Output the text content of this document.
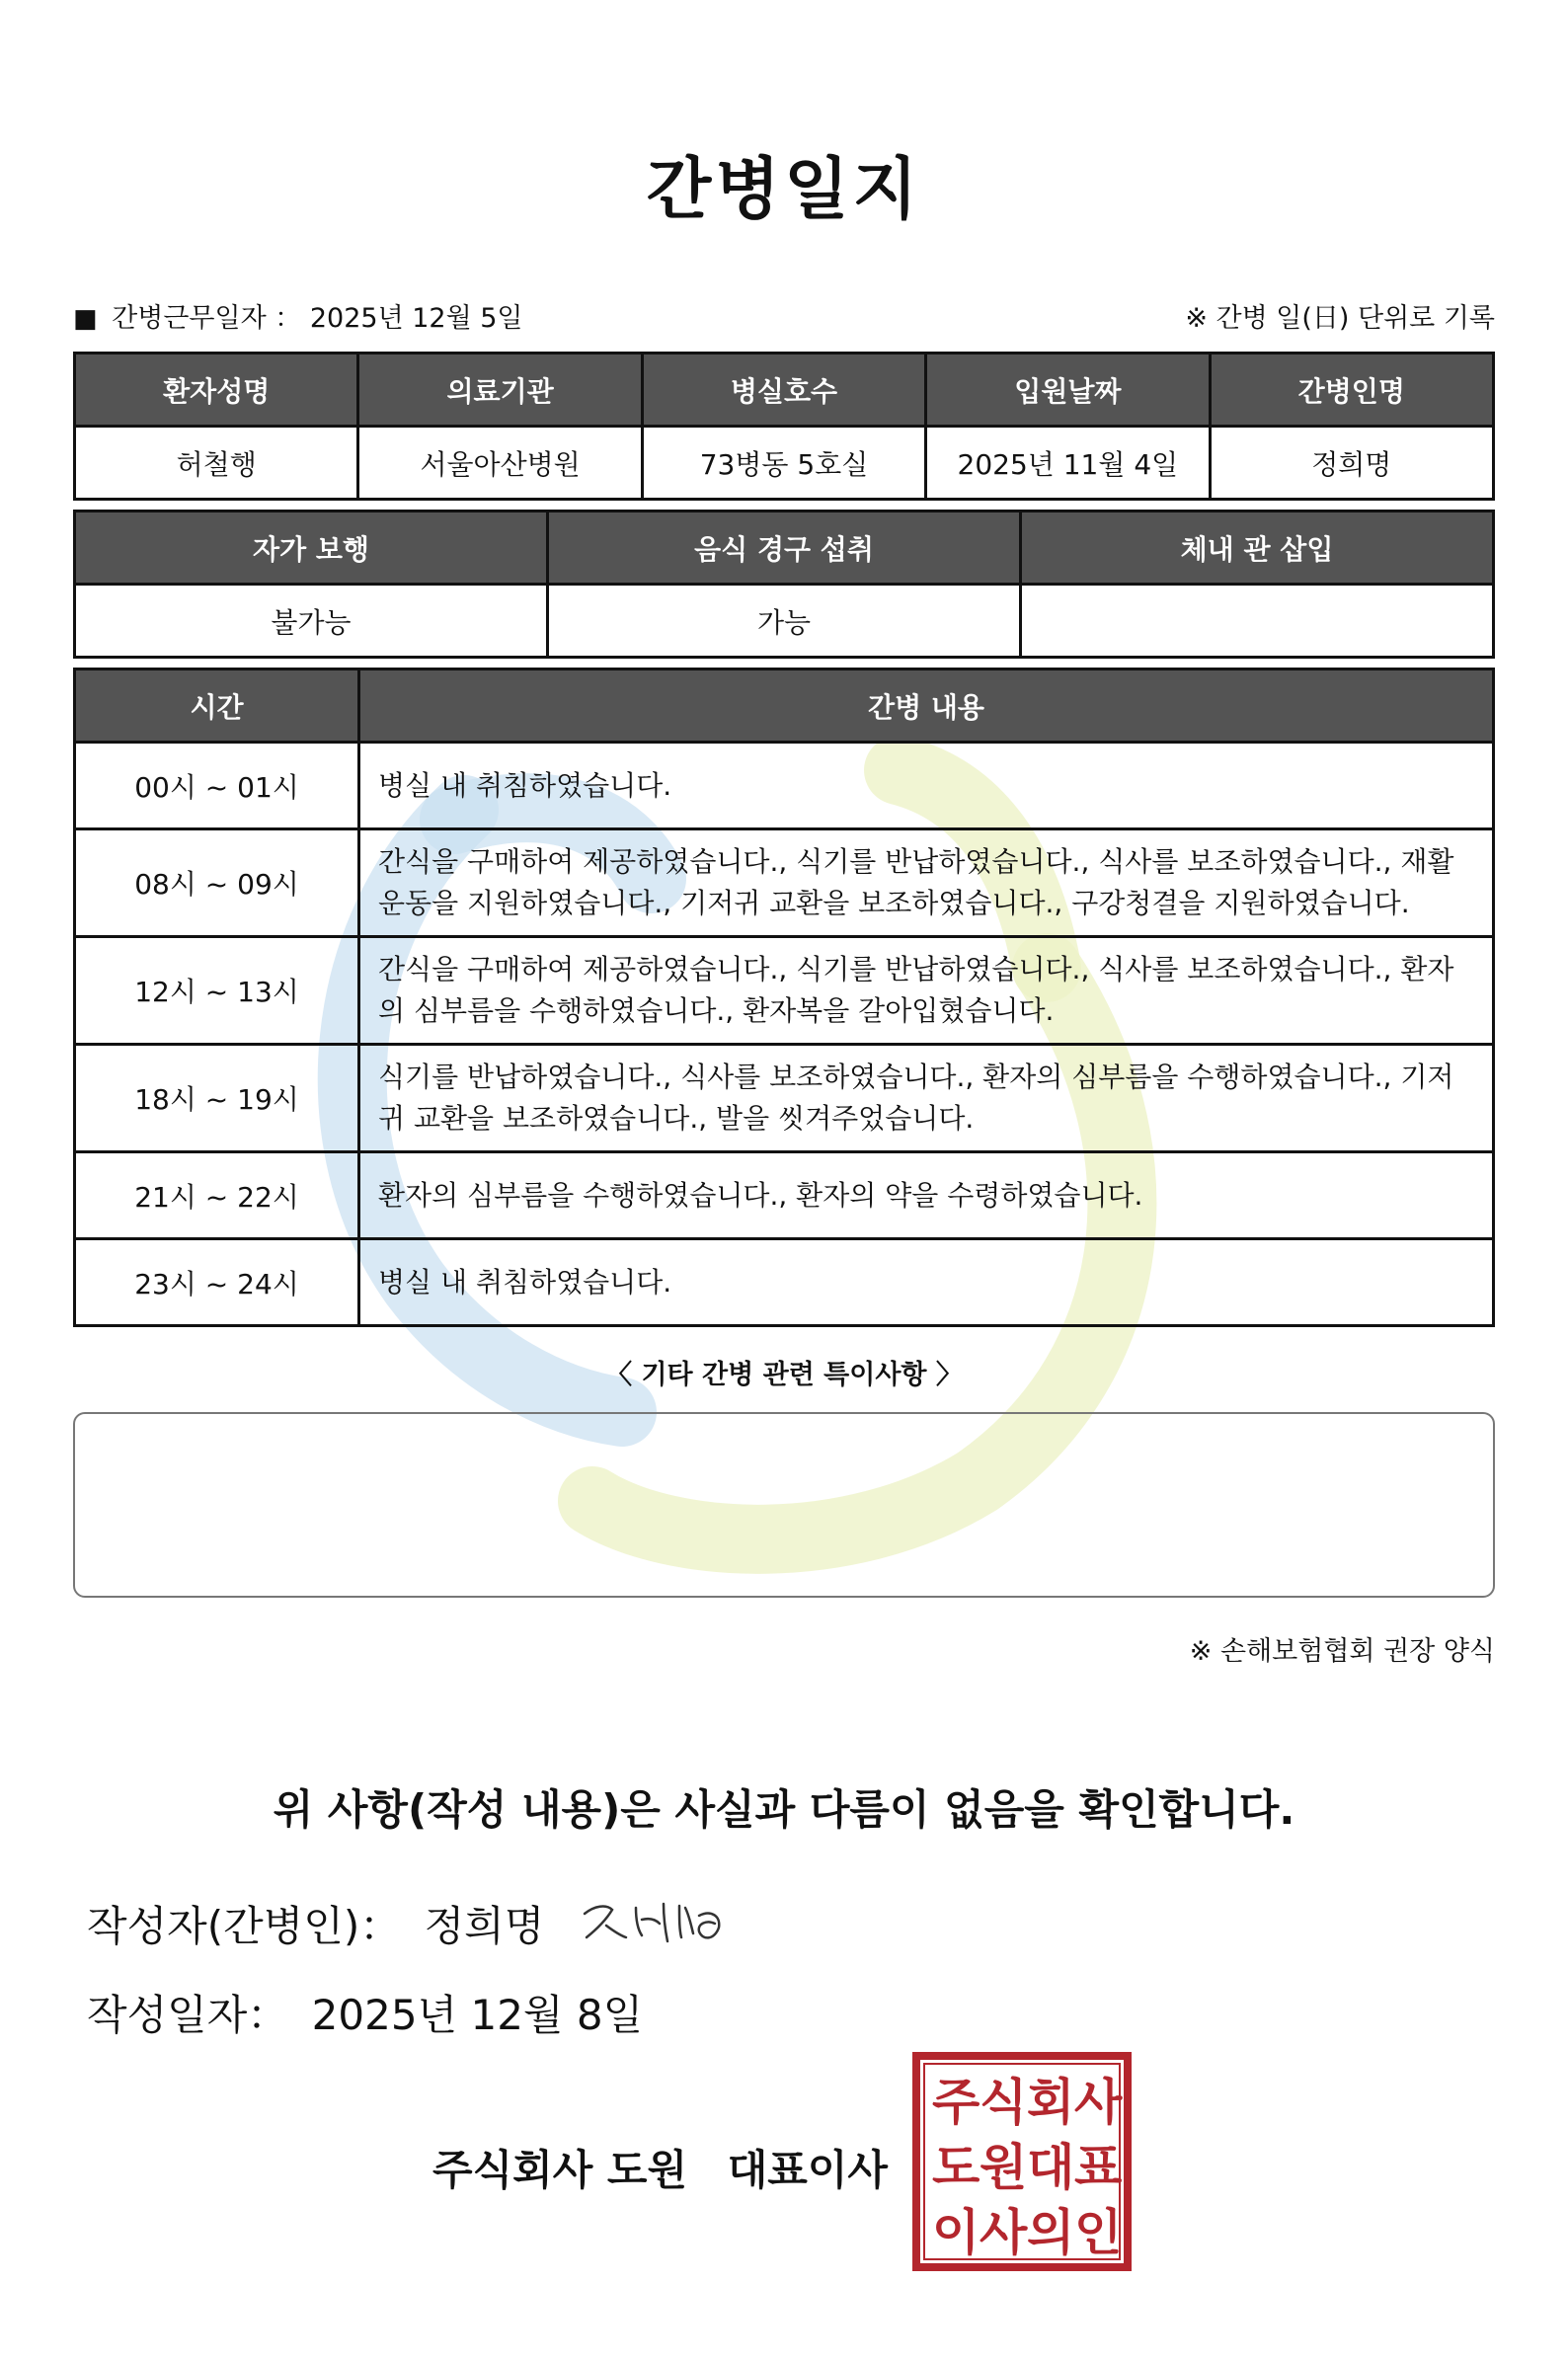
간병일지
■ 간병근무일자 ： 2025년 12월 5일	※ 간병 일(日) 단위로 기록
환자성명	의료기관	병실호수	입원날짜	간병인명
허철행	서울아산병원	73병동 5호실	2025년 11월 4일	정희명
자가 보행	음식 경구 섭취	체내 관 삽입
불가능	가능	
시간	간병 내용
00시 ~ 01시	병실 내 취침하였습니다.
08시 ~ 09시	간식을 구매하여 제공하였습니다., 식기를 반납하였습니다., 식사를 보조하였습니다., 재활운동을 지원하였습니다., 기저귀 교환을 보조하였습니다., 구강청결을 지원하였습니다.
12시 ~ 13시	간식을 구매하여 제공하였습니다., 식기를 반납하였습니다., 식사를 보조하였습니다., 환자의 심부름을 수행하였습니다., 환자복을 갈아입혔습니다.
18시 ~ 19시	식기를 반납하였습니다., 식사를 보조하였습니다., 환자의 심부름을 수행하였습니다., 기저귀 교환을 보조하였습니다., 발을 씻겨주었습니다.
21시 ~ 22시	환자의 심부름을 수행하였습니다., 환자의 약을 수령하였습니다.
23시 ~ 24시	병실 내 취침하였습니다.
〈 기타 간병 관련 특이사항 〉
※ 손해보험협회 권장 양식
위 사항(작성 내용)은 사실과 다름이 없음을 확인합니다.
작성자(간병인)： 정희명
작성일자： 2025년 12월 8일
주식회사 도원 대표이사
주 식 회 사
도 원 대 표
이 사 의 인
